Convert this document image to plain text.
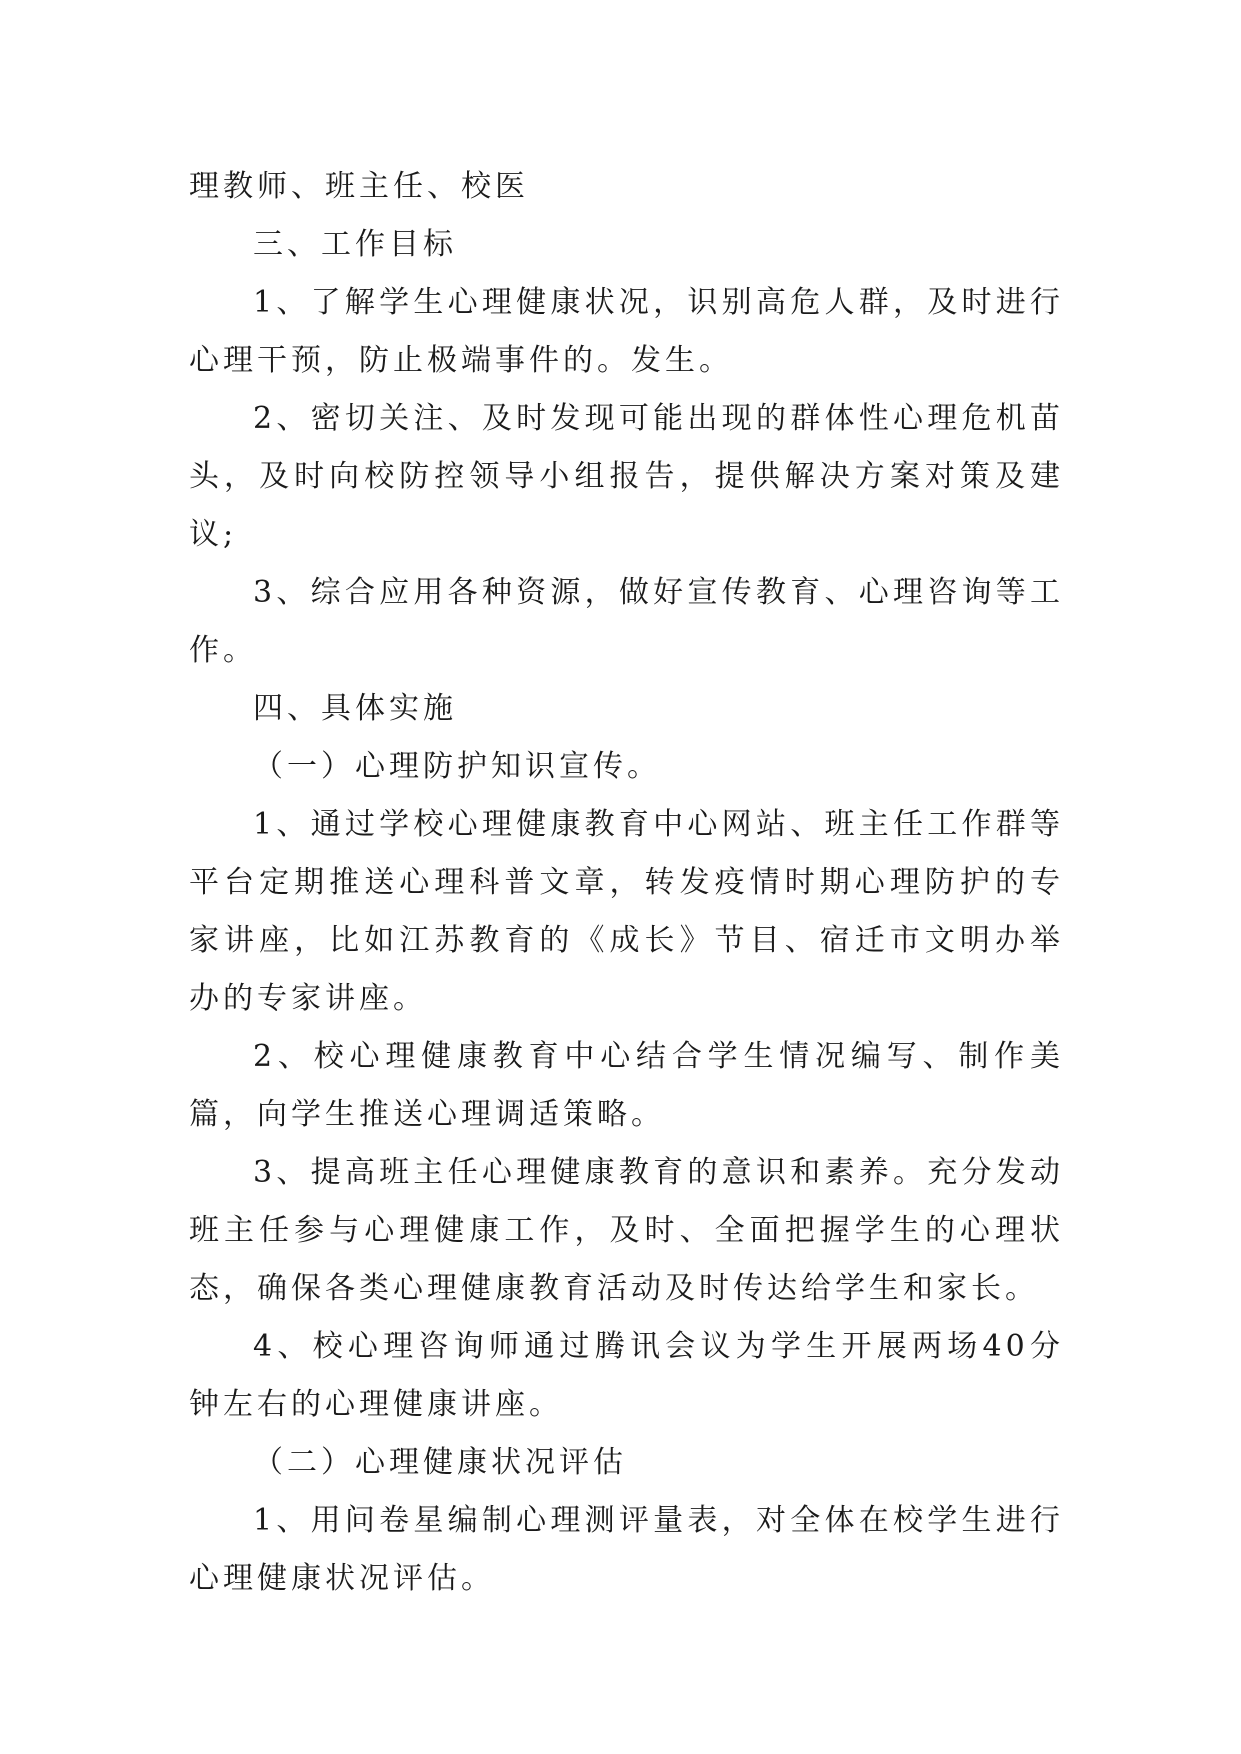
理教师、班主任、校医

三、工作目标

1、了解学生心理健康状况，识别高危人群，及时进行心理干预，防止极端事件的。发生。

2、密切关注、及时发现可能出现的群体性心理危机苗头，及时向校防控领导小组报告，提供解决方案对策及建议;

3、综合应用各种资源，做好宣传教育、心理咨询等工作。

四、具体实施

（一）心理防护知识宣传。

1、通过学校心理健康教育中心网站、班主任工作群等平台定期推送心理科普文章，转发疫情时期心理防护的专家讲座，比如江苏教育的《成长》节目、宿迁市文明办举办的专家讲座。

2、校心理健康教育中心结合学生情况编写、制作美篇，向学生推送心理调适策略。

3、提高班主任心理健康教育的意识和素养。充分发动班主任参与心理健康工作，及时、全面把握学生的心理状态，确保各类心理健康教育活动及时传达给学生和家长。

4、校心理咨询师通过腾讯会议为学生开展两场40分钟左右的心理健康讲座。

（二）心理健康状况评估

1、用问卷星编制心理测评量表，对全体在校学生进行心理健康状况评估。
